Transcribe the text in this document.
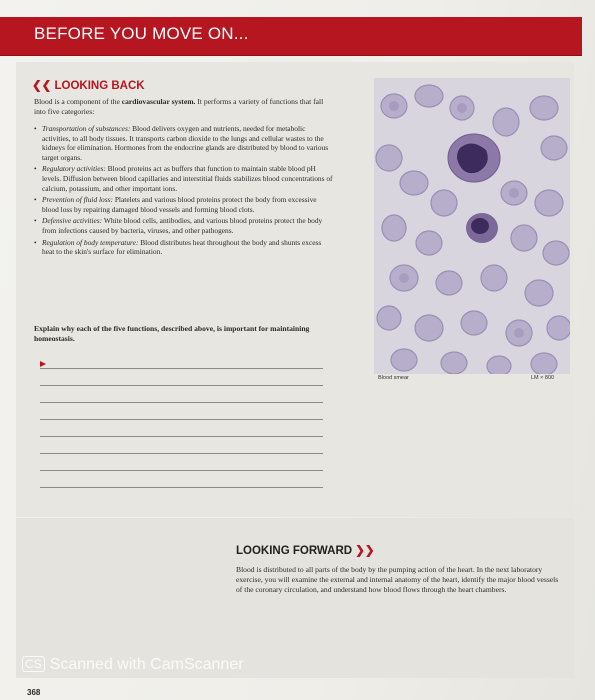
BEFORE YOU MOVE ON...
❮❮ LOOKING BACK
Blood is a component of the cardiovascular system. It performs a variety of functions that fall into five categories:
• Transportation of substances: Blood delivers oxygen and nutrients, needed for metabolic activities, to all body tissues. It transports carbon dioxide to the lungs and cellular wastes to the kidneys for elimination. Hormones from the endocrine glands are distributed by blood to various target organs.
• Regulatory activities: Blood proteins act as buffers that function to maintain stable blood pH levels. Diffusion between blood capillaries and interstitial fluids stabilizes blood concentrations of calcium, potassium, and other important ions.
• Prevention of fluid loss: Platelets and various blood proteins protect the body from excessive blood loss by repairing damaged blood vessels and forming blood clots.
• Defensive activities: White blood cells, antibodies, and various blood proteins protect the body from infections caused by bacteria, viruses, and other pathogens.
• Regulation of body temperature: Blood distributes heat throughout the body and shunts excess heat to the skin's surface for elimination.
Explain why each of the five functions, described above, is important for maintaining homeostasis.
Blood smear	LM × 800
LOOKING FORWARD ❯❯
Blood is distributed to all parts of the body by the pumping action of the heart. In the next laboratory exercise, you will examine the external and internal anatomy of the heart, identify the major blood vessels of the coronary circulation, and understand how blood flows through the heart chambers.
CS Scanned with CamScanner
368
